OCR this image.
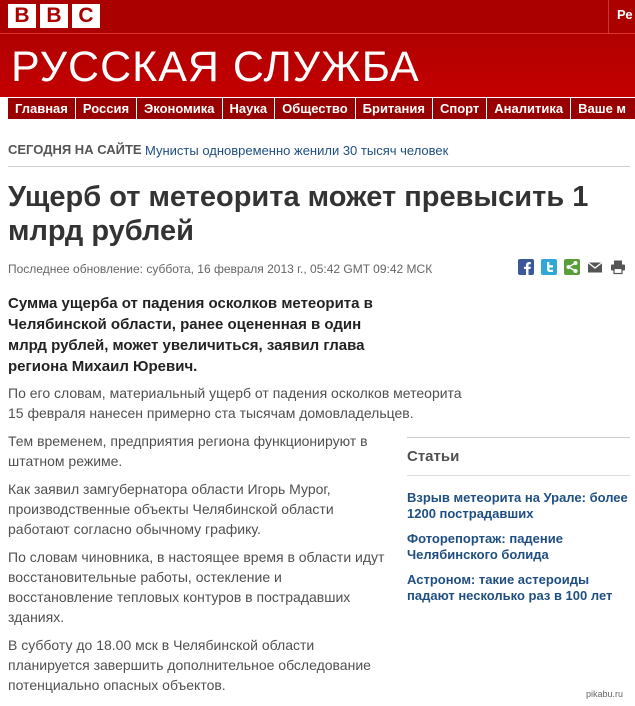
B B C	Ре
РУССКАЯ СЛУЖБА
Главная	Россия	Экономика	Наука	Общество	Британия	Спорт	Аналитика	Ваше м
СЕГОДНЯ НА САЙТЕ Мунисты одновременно женили 30 тысяч человек
Ущерб от метеорита может превысить 1 млрд рублей
Последнее обновление: суббота, 16 февраля 2013 г., 05:42 GMT 09:42 МСК

Сумма ущерба от падения осколков метеорита в Челябинской области, ранее оцененная в один млрд рублей, может увеличиться, заявил глава региона Михаил Юревич.

По его словам, материальный ущерб от падения осколков метеорита 15 февраля нанесен примерно ста тысячам домовладельцев.

Тем временем, предприятия региона функционируют в штатном режиме.

Как заявил замгубернатора области Игорь Мурог, производственные объекты Челябинской области работают согласно обычному графику.

По словам чиновника, в настоящее время в области идут восстановительные работы, остекление и восстановление тепловых контуров в пострадавших зданиях.

В субботу до 18.00 мск в Челябинской области планируется завершить дополнительное обследование потенциально опасных объектов.

Статьи
Взрыв метеорита на Урале: более 1200 пострадавших
Фоторепортаж: падение Челябинского болида
Астроном: такие астероиды падают несколько раз в 100 лет
pikabu.ru
